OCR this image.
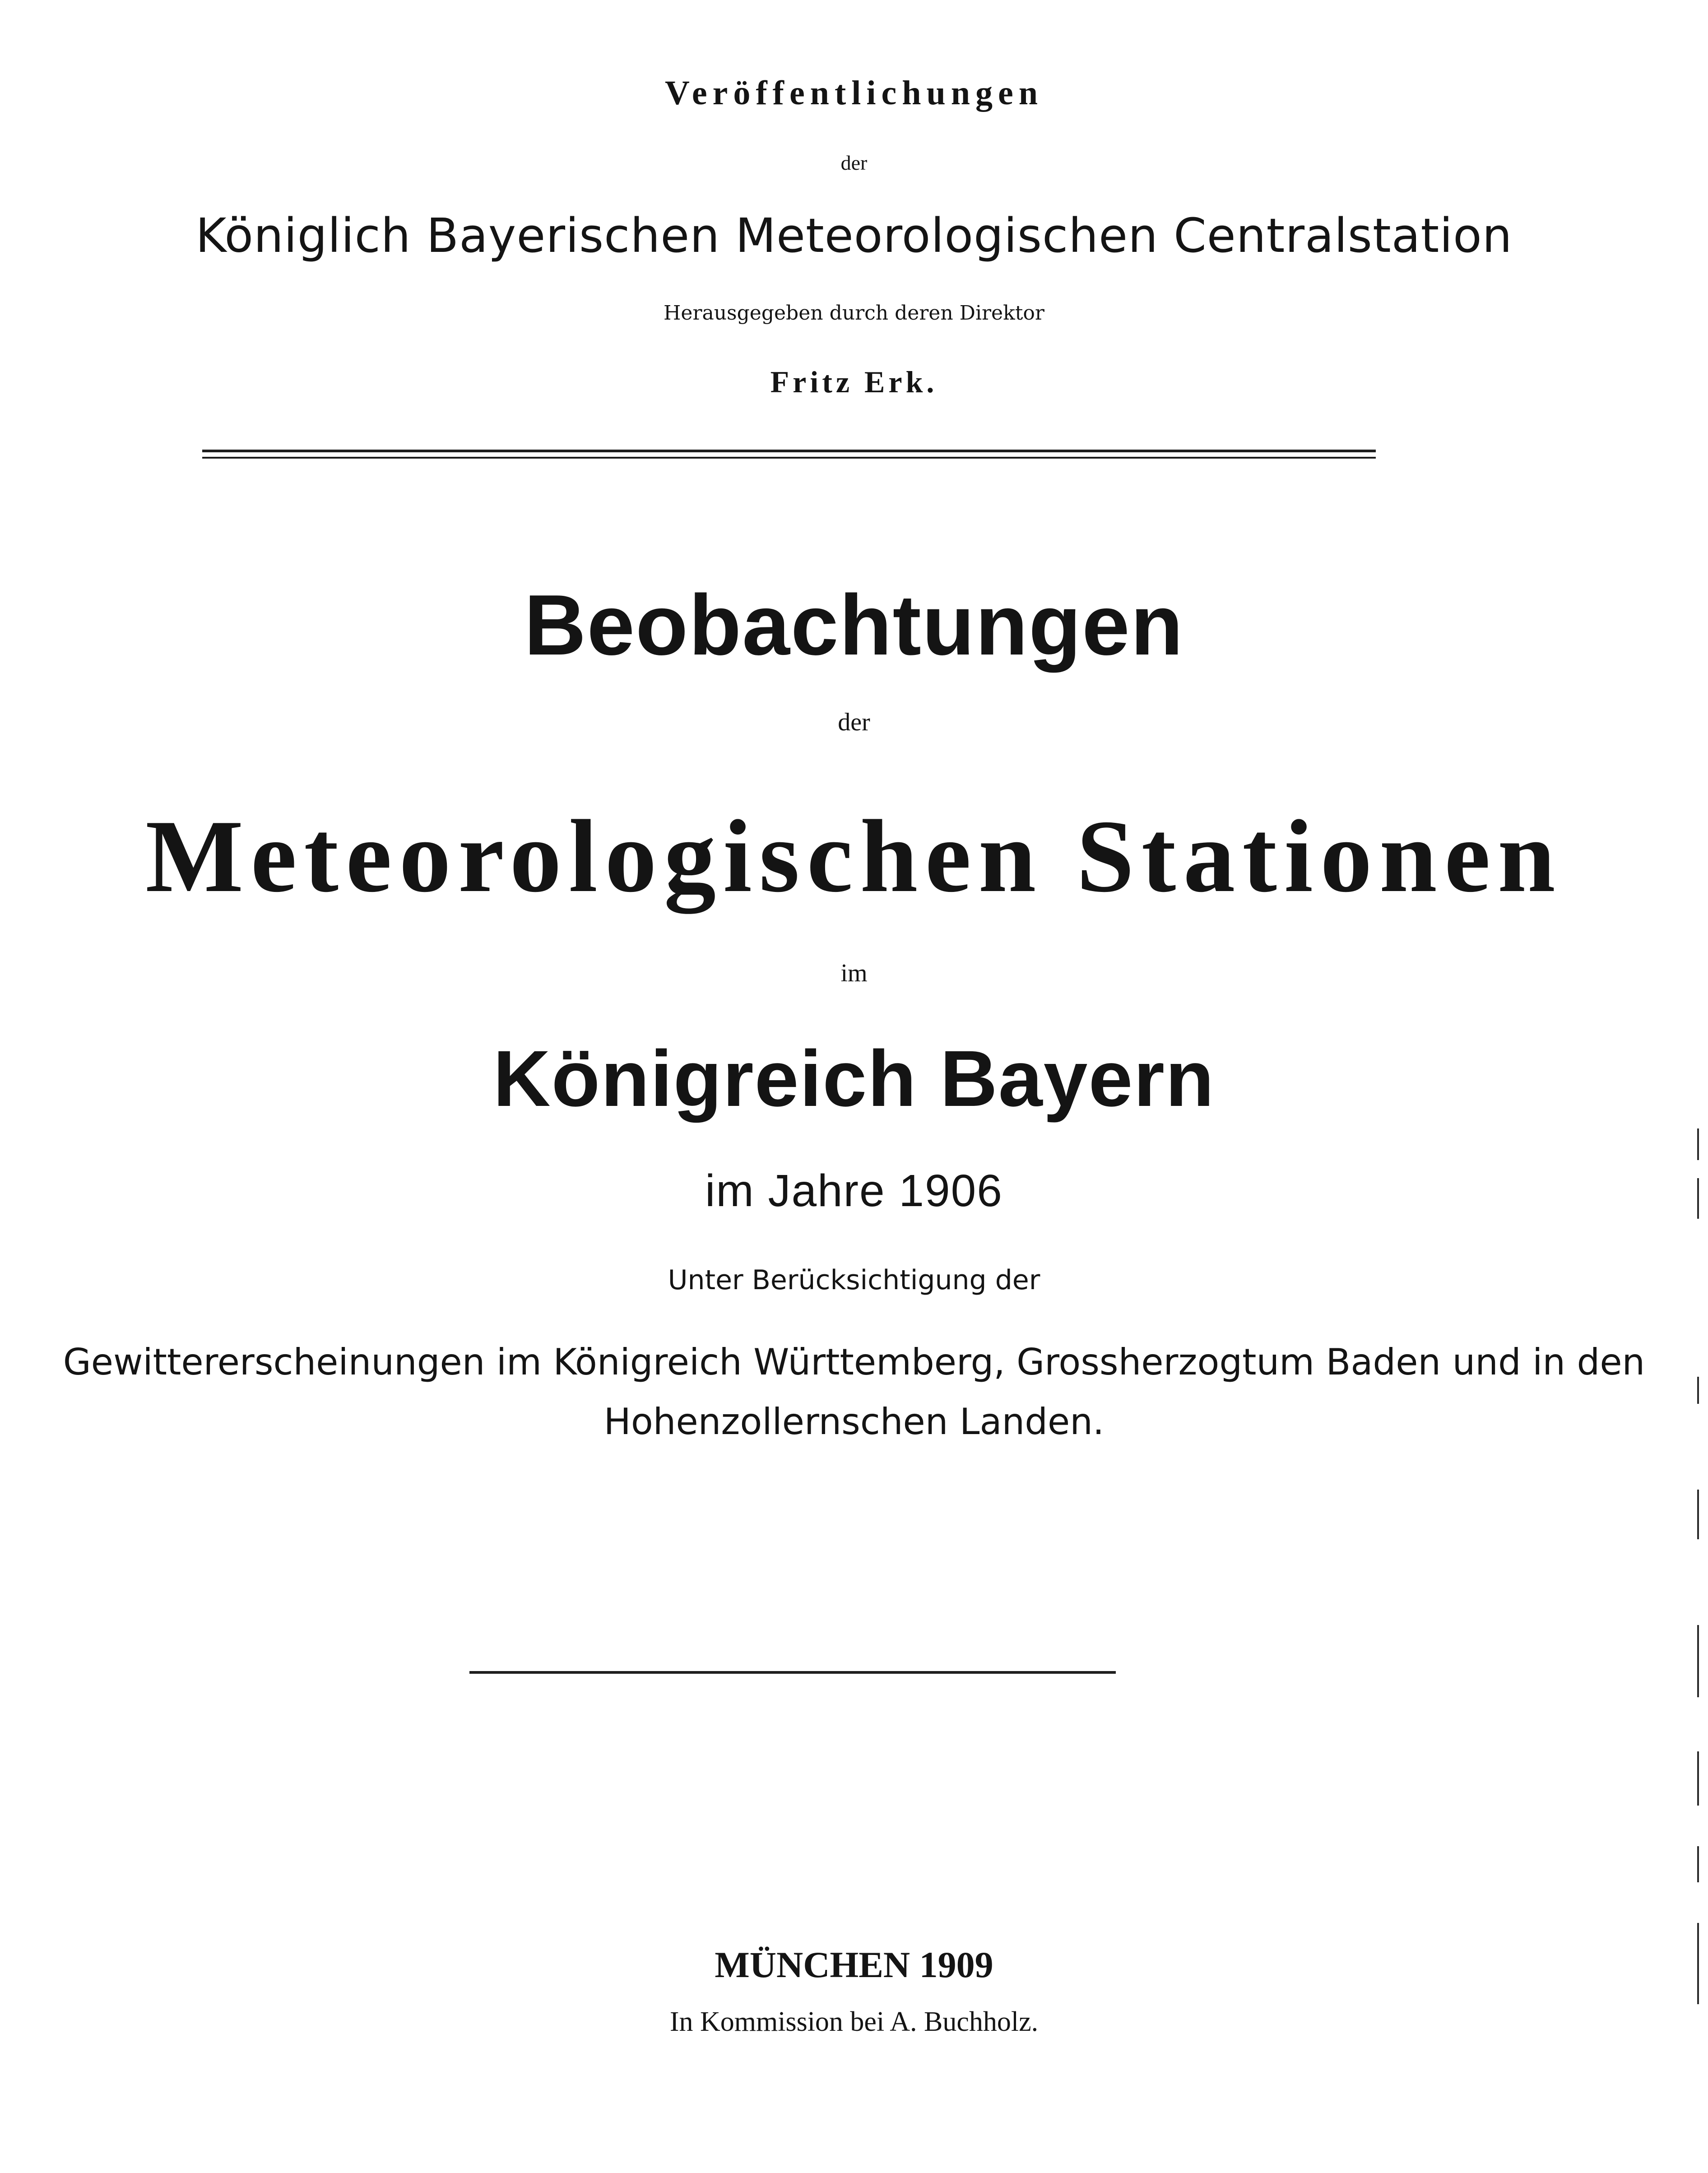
Veröffentlichungen
der
Königlich Bayerischen Meteorologischen Centralstation
Herausgegeben durch deren Direktor
Fritz Erk.
Beobachtungen
der
Meteorologischen Stationen
im
Königreich Bayern
im Jahre 1906
Unter Berücksichtigung der
Gewittererscheinungen im Königreich Württemberg, Grossherzogtum Baden und in den
Hohenzollernschen Landen.
MÜNCHEN 1909
In Kommission bei A. Buchholz.
